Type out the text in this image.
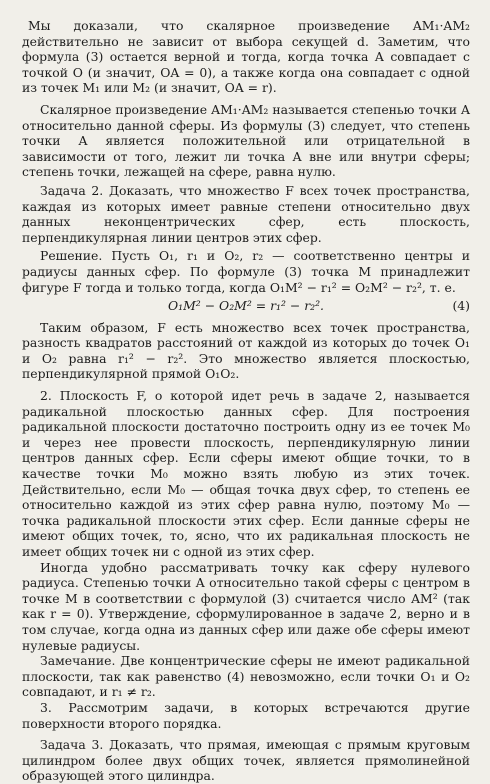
Мы доказали, что скалярное произведение AM₁·AM₂ действительно не зависит от выбора секущей d. Заметим, что формула (3) остается верной и тогда, когда точка A совпадает с точкой O (и значит, OA = 0), а также когда она совпадает с одной из точек M₁ или M₂ (и значит, OA = r).

Скалярное произведение AM₁·AM₂ называется степенью точки A относительно данной сферы. Из формулы (3) следует, что степень точки A является положительной или отрицательной в зависимости от того, лежит ли точка A вне или внутри сферы; степень точки, лежащей на сфере, равна нулю.

Задача 2. Доказать, что множество F всех точек пространства, каждая из которых имеет равные степени относительно двух данных неконцентрических сфер, есть плоскость, перпендикулярная линии центров этих сфер.

Решение. Пусть O₁, r₁ и O₂, r₂ — соответственно центры и радиусы данных сфер. По формуле (3) точка M принадлежит фигуре F тогда и только тогда, когда O₁M² − r₁² = O₂M² − r₂², т. е.

O₁M² − O₂M² = r₁² − r₂².	(4)

Таким образом, F есть множество всех точек пространства, разность квадратов расстояний от каждой из которых до точек O₁ и O₂ равна r₁² − r₂². Это множество является плоскостью, перпендикулярной прямой O₁O₂.

2. Плоскость F, о которой идет речь в задаче 2, называется радикальной плоскостью данных сфер. Для построения радикальной плоскости достаточно построить одну из ее точек M₀ и через нее провести плоскость, перпендикулярную линии центров данных сфер. Если сферы имеют общие точки, то в качестве точки M₀ можно взять любую из этих точек. Действительно, если M₀ — общая точка двух сфер, то степень ее относительно каждой из этих сфер равна нулю, поэтому M₀ — точка радикальной плоскости этих сфер. Если данные сферы не имеют общих точек, то, ясно, что их радикальная плоскость не имеет общих точек ни с одной из этих сфер.

Иногда удобно рассматривать точку как сферу нулевого радиуса. Степенью точки A относительно такой сферы с центром в точке M в соответствии с формулой (3) считается число AM² (так как r = 0). Утверждение, сформулированное в задаче 2, верно и в том случае, когда одна из данных сфер или даже обе сферы имеют нулевые радиусы.

Замечание. Две концентрические сферы не имеют радикальной плоскости, так как равенство (4) невозможно, если точки O₁ и O₂ совпадают, и r₁ ≠ r₂.

3. Рассмотрим задачи, в которых встречаются другие поверхности второго порядка.

Задача 3. Доказать, что прямая, имеющая с прямым круговым цилиндром более двух общих точек, является прямолинейной образующей этого цилиндра.
